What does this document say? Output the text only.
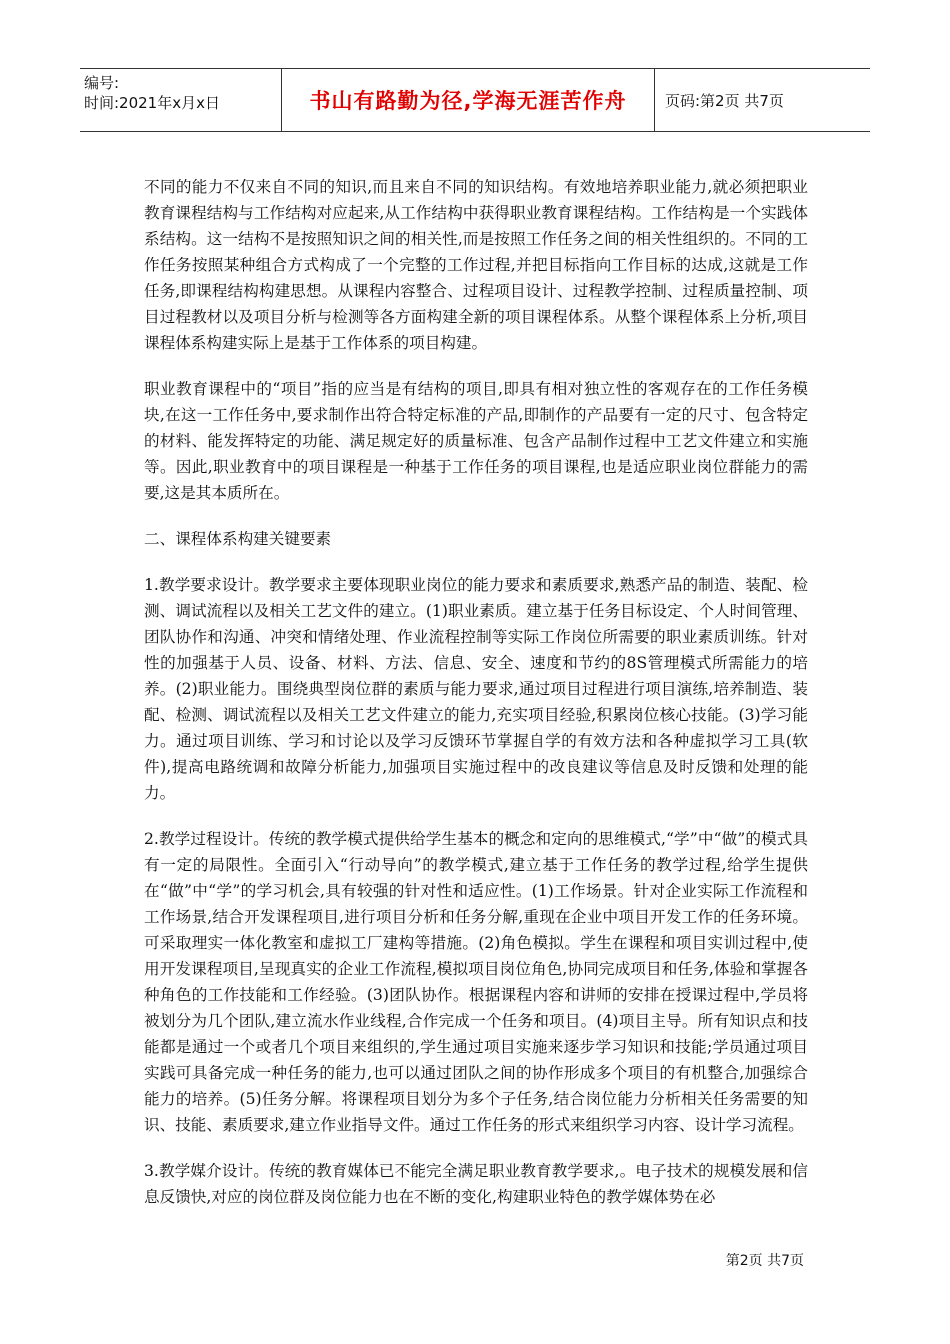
编号:
时间:2021年x月x日	书山有路勤为径,学海无涯苦作舟	页码:第2页 共7页

不同的能力不仅来自不同的知识,而且来自不同的知识结构。有效地培养职业能力,就必须把职业教育课程结构与工作结构对应起来,从工作结构中获得职业教育课程结构。工作结构是一个实践体系结构。这一结构不是按照知识之间的相关性,而是按照工作任务之间的相关性组织的。不同的工作任务按照某种组合方式构成了一个完整的工作过程,并把目标指向工作目标的达成,这就是工作任务,即课程结构构建思想。从课程内容整合、过程项目设计、过程教学控制、过程质量控制、项目过程教材以及项目分析与检测等各方面构建全新的项目课程体系。从整个课程体系上分析,项目课程体系构建实际上是基于工作体系的项目构建。

职业教育课程中的“项目”指的应当是有结构的项目,即具有相对独立性的客观存在的工作任务模块,在这一工作任务中,要求制作出符合特定标准的产品,即制作的产品要有一定的尺寸、包含特定的材料、能发挥特定的功能、满足规定好的质量标准、包含产品制作过程中工艺文件建立和实施等。因此,职业教育中的项目课程是一种基于工作任务的项目课程,也是适应职业岗位群能力的需要,这是其本质所在。

二、课程体系构建关键要素

1.教学要求设计。教学要求主要体现职业岗位的能力要求和素质要求,熟悉产品的制造、装配、检测、调试流程以及相关工艺文件的建立。(1)职业素质。建立基于任务目标设定、个人时间管理、团队协作和沟通、冲突和情绪处理、作业流程控制等实际工作岗位所需要的职业素质训练。针对性的加强基于人员、设备、材料、方法、信息、安全、速度和节约的8S管理模式所需能力的培养。(2)职业能力。围绕典型岗位群的素质与能力要求,通过项目过程进行项目演练,培养制造、装配、检测、调试流程以及相关工艺文件建立的能力,充实项目经验,积累岗位核心技能。(3)学习能力。通过项目训练、学习和讨论以及学习反馈环节掌握自学的有效方法和各种虚拟学习工具(软件),提高电路统调和故障分析能力,加强项目实施过程中的改良建议等信息及时反馈和处理的能力。

2.教学过程设计。传统的教学模式提供给学生基本的概念和定向的思维模式,“学”中“做”的模式具有一定的局限性。全面引入“行动导向”的教学模式,建立基于工作任务的教学过程,给学生提供在“做”中“学”的学习机会,具有较强的针对性和适应性。(1)工作场景。针对企业实际工作流程和工作场景,结合开发课程项目,进行项目分析和任务分解,重现在企业中项目开发工作的任务环境。可采取理实一体化教室和虚拟工厂建构等措施。(2)角色模拟。学生在课程和项目实训过程中,使用开发课程项目,呈现真实的企业工作流程,模拟项目岗位角色,协同完成项目和任务,体验和掌握各种角色的工作技能和工作经验。(3)团队协作。根据课程内容和讲师的安排在授课过程中,学员将被划分为几个团队,建立流水作业线程,合作完成一个任务和项目。(4)项目主导。所有知识点和技能都是通过一个或者几个项目来组织的,学生通过项目实施来逐步学习知识和技能;学员通过项目实践可具备完成一种任务的能力,也可以通过团队之间的协作形成多个项目的有机整合,加强综合能力的培养。(5)任务分解。将课程项目划分为多个子任务,结合岗位能力分析相关任务需要的知识、技能、素质要求,建立作业指导文件。通过工作任务的形式来组织学习内容、设计学习流程。

3.教学媒介设计。传统的教育媒体已不能完全满足职业教育教学要求,。电子技术的规模发展和信息反馈快,对应的岗位群及岗位能力也在不断的变化,构建职业特色的教学媒体势在必

第2页 共7页
